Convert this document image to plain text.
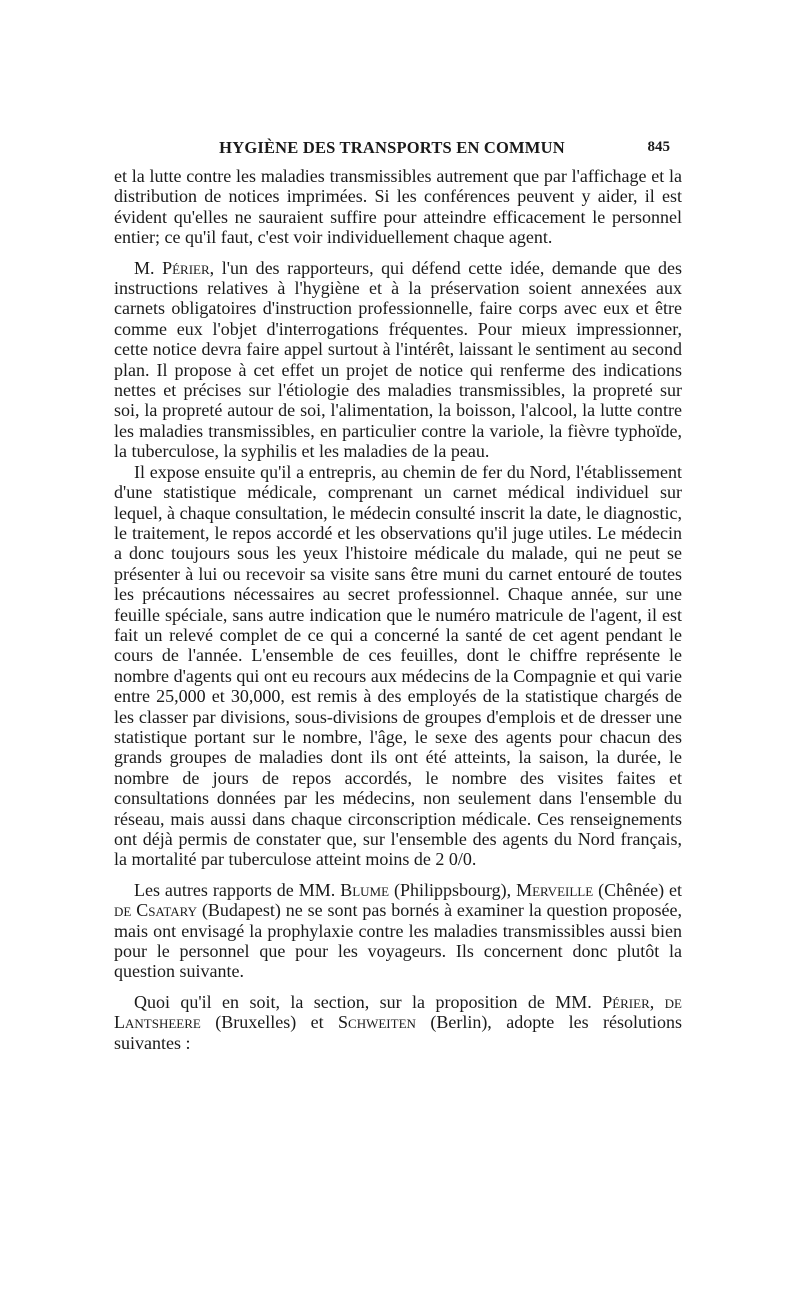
HYGIÈNE DES TRANSPORTS EN COMMUN	845

et la lutte contre les maladies transmissibles autrement que par l'affichage et la distribution de notices imprimées. Si les conférences peuvent y aider, il est évident qu'elles ne sauraient suffire pour atteindre efficacement le personnel entier; ce qu'il faut, c'est voir individuellement chaque agent.

M. Périer, l'un des rapporteurs, qui défend cette idée, demande que des instructions relatives à l'hygiène et à la préservation soient annexées aux carnets obligatoires d'instruction professionnelle, faire corps avec eux et être comme eux l'objet d'interrogations fréquentes. Pour mieux impressionner, cette notice devra faire appel surtout à l'intérêt, laissant le sentiment au second plan. Il propose à cet effet un projet de notice qui renferme des indications nettes et précises sur l'étiologie des maladies transmissibles, la propreté sur soi, la propreté autour de soi, l'alimentation, la boisson, l'alcool, la lutte contre les maladies transmissibles, en particulier contre la variole, la fièvre typhoïde, la tuberculose, la syphilis et les maladies de la peau.

Il expose ensuite qu'il a entrepris, au chemin de fer du Nord, l'établissement d'une statistique médicale, comprenant un carnet médical individuel sur lequel, à chaque consultation, le médecin consulté inscrit la date, le diagnostic, le traitement, le repos accordé et les observations qu'il juge utiles. Le médecin a donc toujours sous les yeux l'histoire médicale du malade, qui ne peut se présenter à lui ou recevoir sa visite sans être muni du carnet entouré de toutes les précautions nécessaires au secret professionnel. Chaque année, sur une feuille spéciale, sans autre indication que le numéro matricule de l'agent, il est fait un relevé complet de ce qui a concerné la santé de cet agent pendant le cours de l'année. L'ensemble de ces feuilles, dont le chiffre représente le nombre d'agents qui ont eu recours aux médecins de la Compagnie et qui varie entre 25,000 et 30,000, est remis à des employés de la statistique chargés de les classer par divisions, sous-divisions de groupes d'emplois et de dresser une statistique portant sur le nombre, l'âge, le sexe des agents pour chacun des grands groupes de maladies dont ils ont été atteints, la saison, la durée, le nombre de jours de repos accordés, le nombre des visites faites et consultations données par les médecins, non seulement dans l'ensemble du réseau, mais aussi dans chaque circonscription médicale. Ces renseignements ont déjà permis de constater que, sur l'ensemble des agents du Nord français, la mortalité par tuberculose atteint moins de 2 0/0.

Les autres rapports de MM. Blume (Philippsbourg), Merveille (Chênée) et de Csatary (Budapest) ne se sont pas bornés à examiner la question proposée, mais ont envisagé la prophylaxie contre les maladies transmissibles aussi bien pour le personnel que pour les voyageurs. Ils concernent donc plutôt la question suivante.

Quoi qu'il en soit, la section, sur la proposition de MM. Périer, de Lantsheere (Bruxelles) et Schweiten (Berlin), adopte les résolutions suivantes :
